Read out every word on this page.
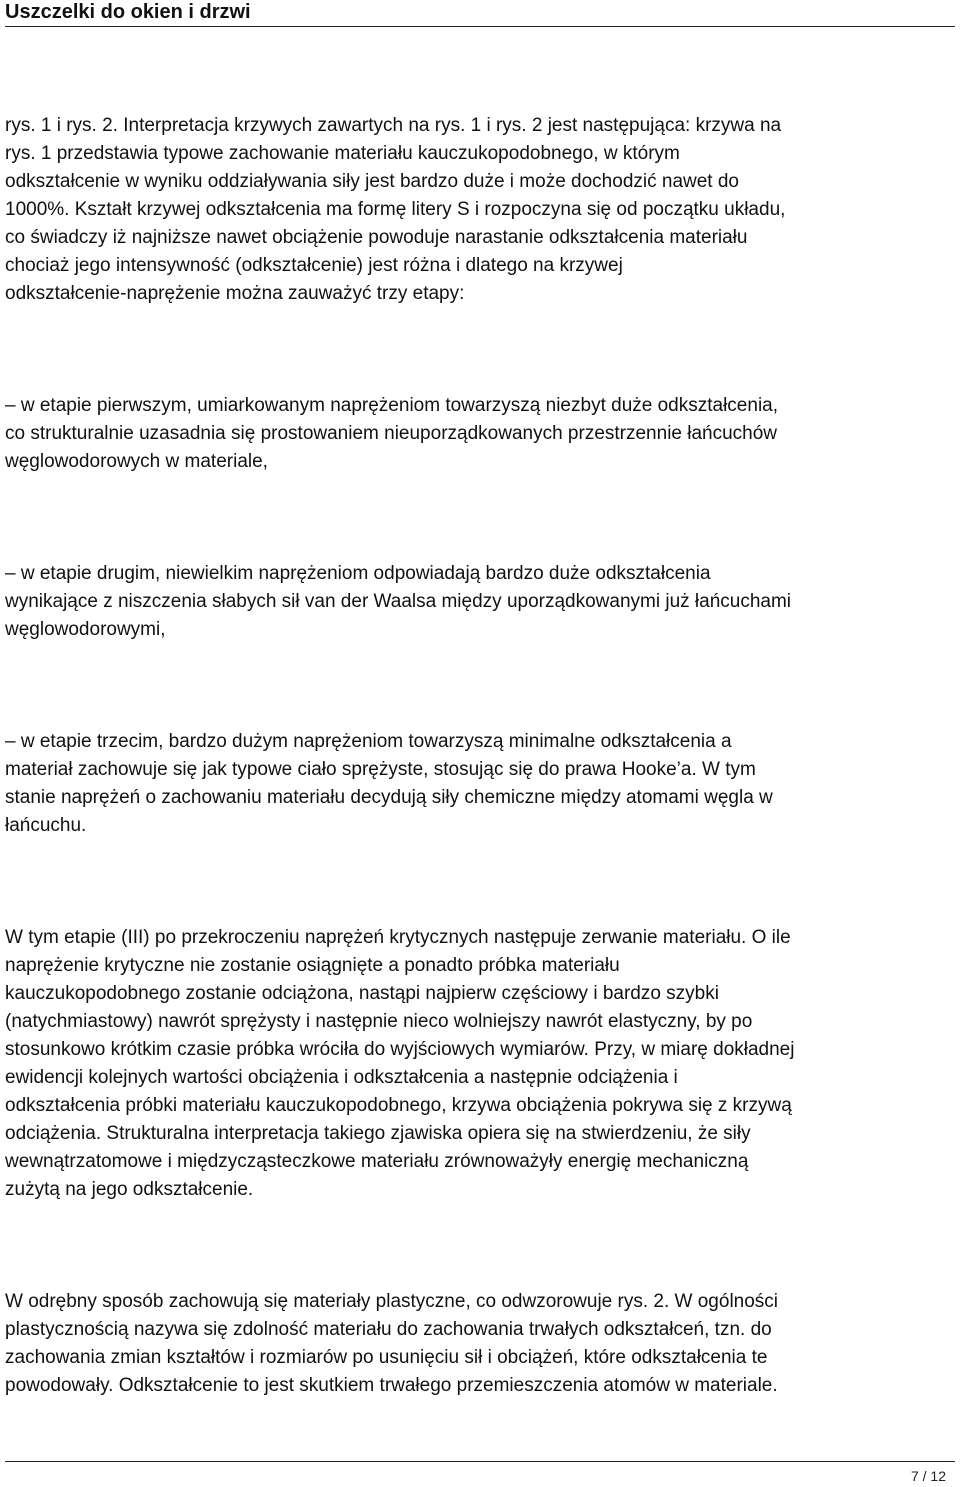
Uszczelki do okien i drzwi

rys. 1 i rys. 2. Interpretacja krzywych zawartych na rys. 1 i rys. 2 jest następująca: krzywa na
rys. 1 przedstawia typowe zachowanie materiału kauczukopodobnego, w którym
odkształcenie w wyniku oddziaływania siły jest bardzo duże i może dochodzić nawet do
1000%. Kształt krzywej odkształcenia ma formę litery S i rozpoczyna się od początku układu,
co świadczy iż najniższe nawet obciążenie powoduje narastanie odkształcenia materiału
chociaż jego intensywność (odkształcenie) jest różna i dlatego na krzywej
odkształcenie-naprężenie można zauważyć trzy etapy:

– w etapie pierwszym, umiarkowanym naprężeniom towarzyszą niezbyt duże odkształcenia,
co strukturalnie uzasadnia się prostowaniem nieuporządkowanych przestrzennie łańcuchów
węglowodorowych w materiale,

– w etapie drugim, niewielkim naprężeniom odpowiadają bardzo duże odkształcenia
wynikające z niszczenia słabych sił van der Waalsa między uporządkowanymi już łańcuchami
węglowodorowymi,

– w etapie trzecim, bardzo dużym naprężeniom towarzyszą minimalne odkształcenia a
materiał zachowuje się jak typowe ciało sprężyste, stosując się do prawa Hooke’a. W tym
stanie naprężeń o zachowaniu materiału decydują siły chemiczne między atomami węgla w
łańcuchu.

W tym etapie (III) po przekroczeniu naprężeń krytycznych następuje zerwanie materiału. O ile
naprężenie krytyczne nie zostanie osiągnięte a ponadto próbka materiału
kauczukopodobnego zostanie odciążona, nastąpi najpierw częściowy i bardzo szybki
(natychmiastowy) nawrót sprężysty i następnie nieco wolniejszy nawrót elastyczny, by po
stosunkowo krótkim czasie próbka wróciła do wyjściowych wymiarów. Przy, w miarę dokładnej
ewidencji kolejnych wartości obciążenia i odkształcenia a następnie odciążenia i
odkształcenia próbki materiału kauczukopodobnego, krzywa obciążenia pokrywa się z krzywą
odciążenia. Strukturalna interpretacja takiego zjawiska opiera się na stwierdzeniu, że siły
wewnątrzatomowe i międzycząsteczkowe materiału zrównoważyły energię mechaniczną
zużytą na jego odkształcenie.

W odrębny sposób zachowują się materiały plastyczne, co odwzorowuje rys. 2. W ogólności
plastycznością nazywa się zdolność materiału do zachowania trwałych odkształceń, tzn. do
zachowania zmian kształtów i rozmiarów po usunięciu sił i obciążeń, które odkształcenia te
powodowały. Odkształcenie to jest skutkiem trwałego przemieszczenia atomów w materiale.

7 / 12
